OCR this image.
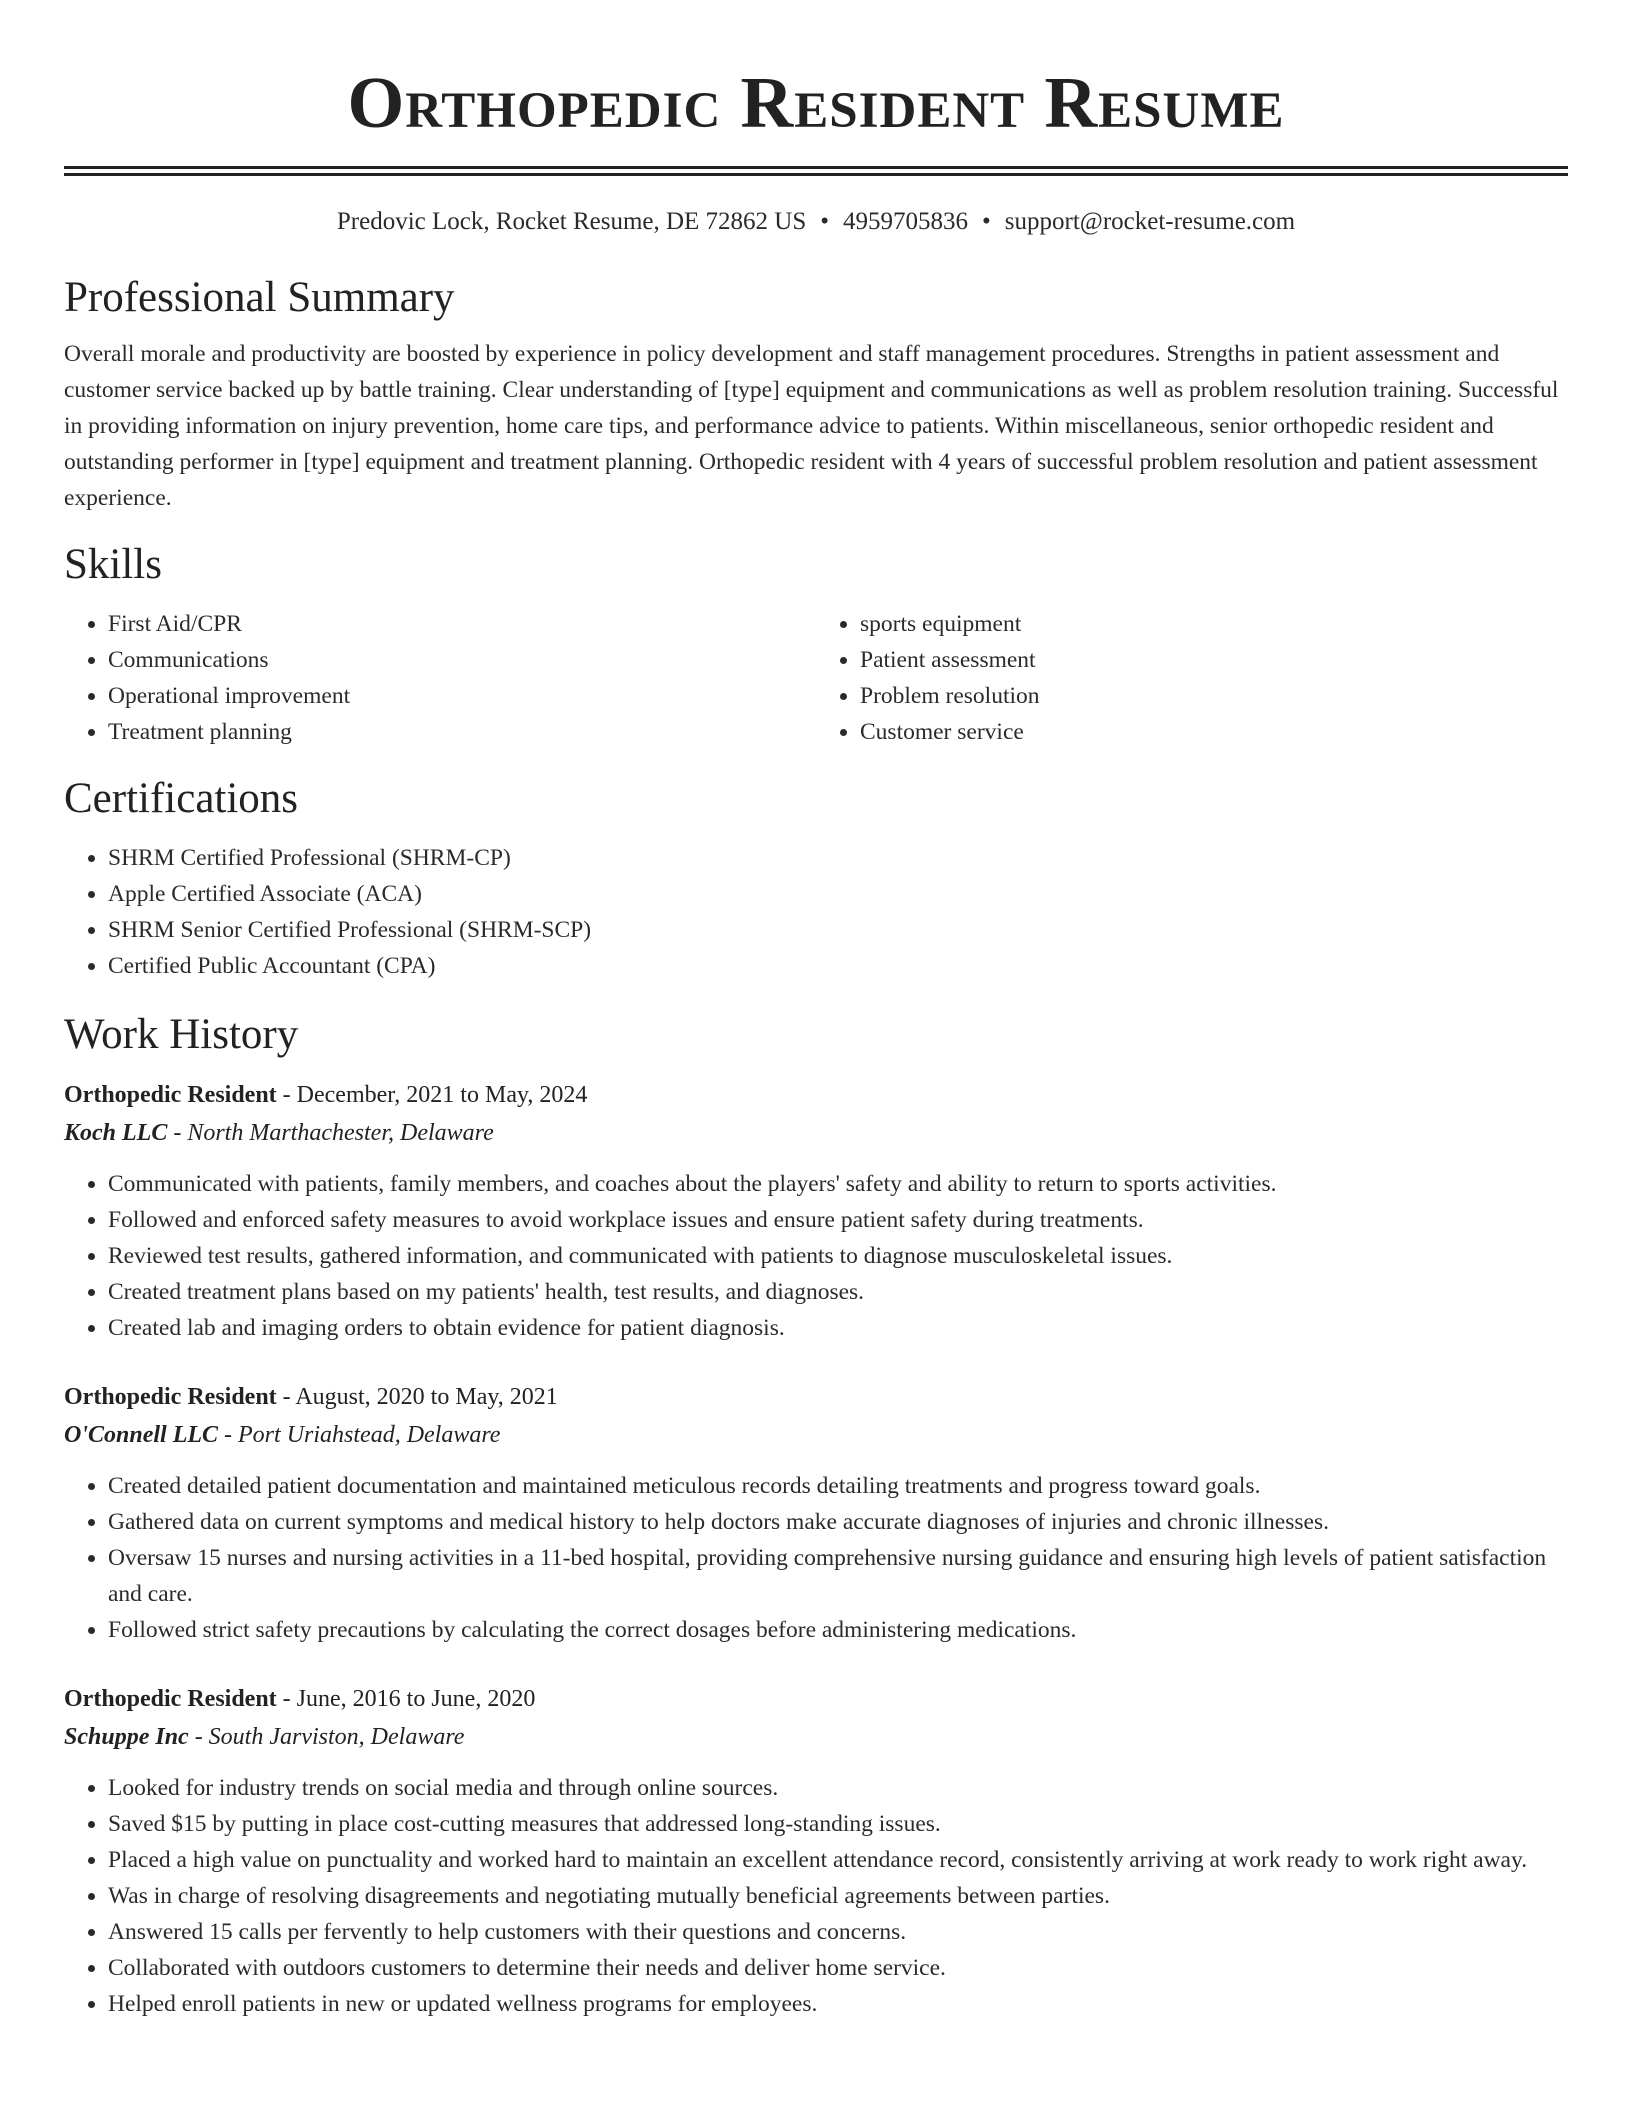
Orthopedic Resident Resume
Predovic Lock, Rocket Resume, DE 72862 US • 4959705836 • support@rocket-resume.com
Professional Summary
Overall morale and productivity are boosted by experience in policy development and staff management procedures. Strengths in patient assessment and customer service backed up by battle training. Clear understanding of [type] equipment and communications as well as problem resolution training. Successful in providing information on injury prevention, home care tips, and performance advice to patients. Within miscellaneous, senior orthopedic resident and outstanding performer in [type] equipment and treatment planning. Orthopedic resident with 4 years of successful problem resolution and patient assessment experience.
Skills
• First Aid/CPR
• Communications
• Operational improvement
• Treatment planning
• sports equipment
• Patient assessment
• Problem resolution
• Customer service
Certifications
• SHRM Certified Professional (SHRM-CP)
• Apple Certified Associate (ACA)
• SHRM Senior Certified Professional (SHRM-SCP)
• Certified Public Accountant (CPA)
Work History
Orthopedic Resident - December, 2021 to May, 2024
Koch LLC - North Marthachester, Delaware
• Communicated with patients, family members, and coaches about the players' safety and ability to return to sports activities.
• Followed and enforced safety measures to avoid workplace issues and ensure patient safety during treatments.
• Reviewed test results, gathered information, and communicated with patients to diagnose musculoskeletal issues.
• Created treatment plans based on my patients' health, test results, and diagnoses.
• Created lab and imaging orders to obtain evidence for patient diagnosis.
Orthopedic Resident - August, 2020 to May, 2021
O'Connell LLC - Port Uriahstead, Delaware
• Created detailed patient documentation and maintained meticulous records detailing treatments and progress toward goals.
• Gathered data on current symptoms and medical history to help doctors make accurate diagnoses of injuries and chronic illnesses.
• Oversaw 15 nurses and nursing activities in a 11-bed hospital, providing comprehensive nursing guidance and ensuring high levels of patient satisfaction and care.
• Followed strict safety precautions by calculating the correct dosages before administering medications.
Orthopedic Resident - June, 2016 to June, 2020
Schuppe Inc - South Jarviston, Delaware
• Looked for industry trends on social media and through online sources.
• Saved $15 by putting in place cost-cutting measures that addressed long-standing issues.
• Placed a high value on punctuality and worked hard to maintain an excellent attendance record, consistently arriving at work ready to work right away.
• Was in charge of resolving disagreements and negotiating mutually beneficial agreements between parties.
• Answered 15 calls per fervently to help customers with their questions and concerns.
• Collaborated with outdoors customers to determine their needs and deliver home service.
• Helped enroll patients in new or updated wellness programs for employees.
